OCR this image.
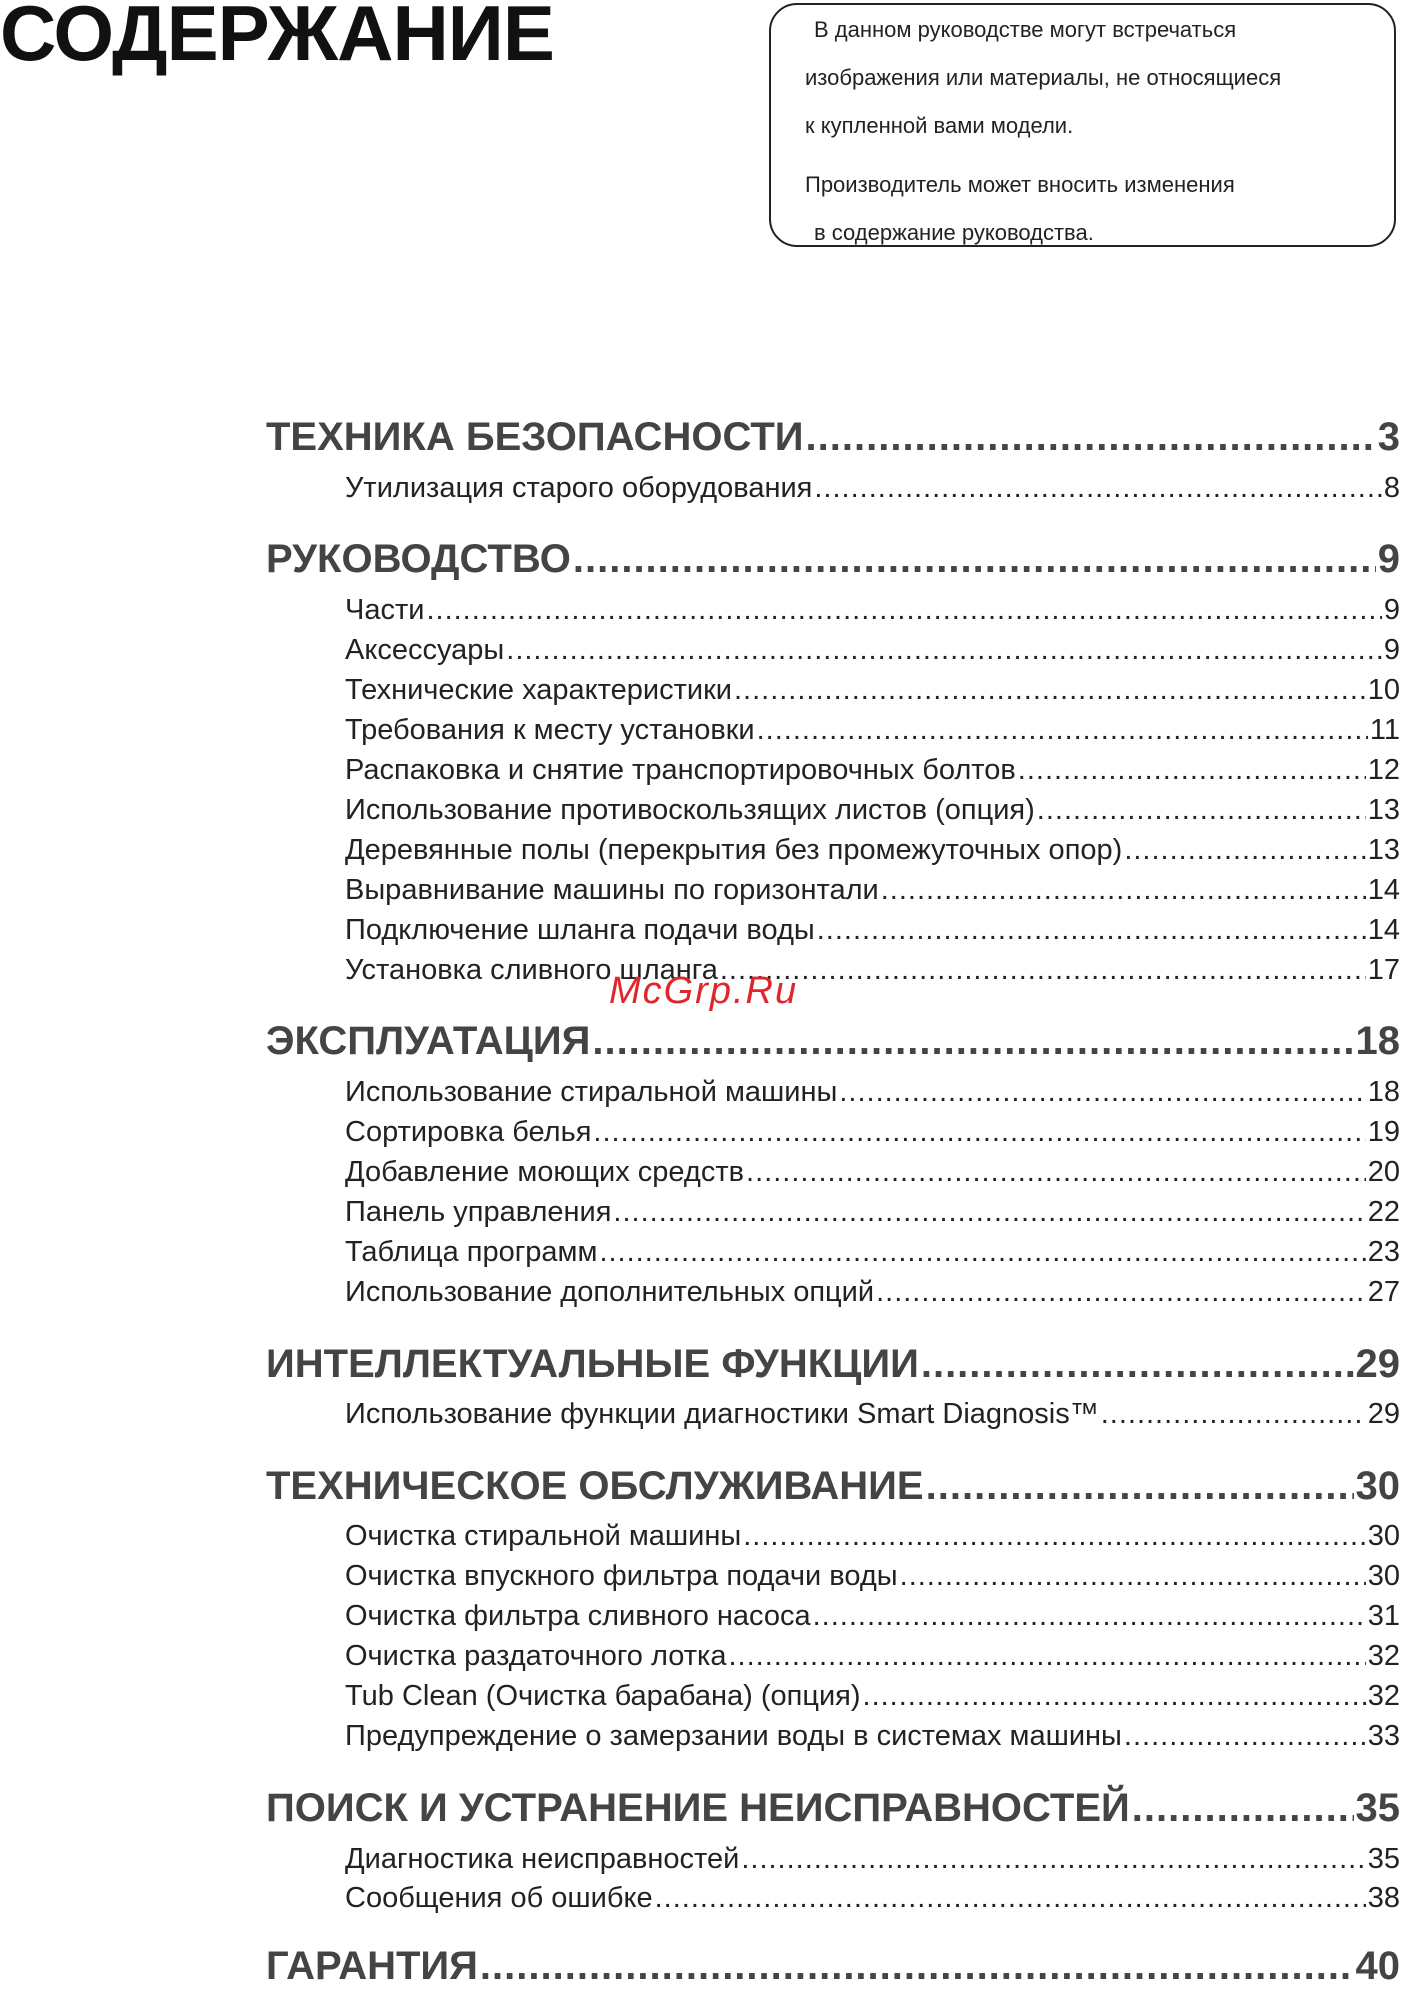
СОДЕРЖАНИЕ	В данном руководстве могут встречаться

изображения или материалы, не относящиеся

к купленной вами модели.

Производитель может вносить изменения

в содержание руководства.

ТЕХНИКА БЕЗОПАСНОСТИ .....	3
Утилизация старого оборудования .....	8
РУКОВОДСТВО .....	9
Части .....	9
Аксессуары .....	9
Технические характеристики .....	10
Требования к месту установки .....	11
Распаковка и снятие транспортировочных болтов .....	12
Использование противоскользящих листов (опция) .....	13
Деревянные полы (перекрытия без промежуточных опор) .....	13
Выравнивание машины по горизонтали .....	14
Подключение шланга подачи воды .....	14
Установка сливного шланга .....	17
ЭКСПЛУАТАЦИЯ .....	18
Использование стиральной машины .....	18
Сортировка белья .....	19
Добавление моющих средств .....	20
Панель управления .....	22
Таблица программ .....	23
Использование дополнительных опций .....	27
ИНТЕЛЛЕКТУАЛЬНЫЕ ФУНКЦИИ .....	29
Использование функции диагностики Smart Diagnosis™ .....	29
ТЕХНИЧЕСКОЕ ОБСЛУЖИВАНИЕ .....	30
Очистка стиральной машины .....	30
Очистка впускного фильтра подачи воды .....	30
Очистка фильтра сливного насоса .....	31
Очистка раздаточного лотка .....	32
Tub Clean (Очистка барабана) (опция) .....	32
Предупреждение о замерзании воды в системах машины .....	33
ПОИСК И УСТРАНЕНИЕ НЕИСПРАВНОСТЕЙ .....	35
Диагностика неисправностей .....	35
Сообщения об ошибке .....	38
ГАРАНТИЯ .....	40
McGrp.Ru
